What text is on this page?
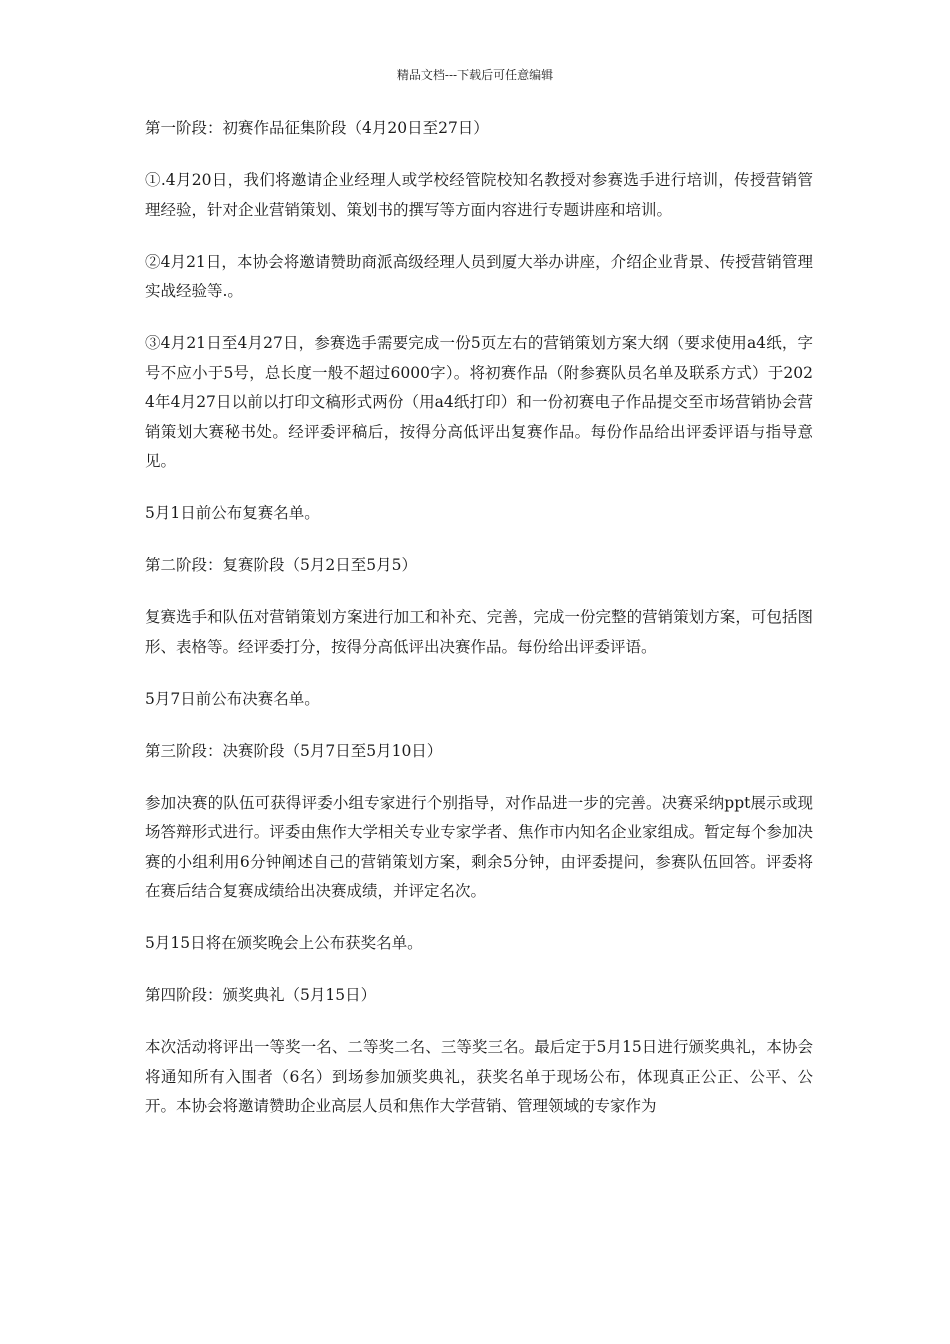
精品文档---下载后可任意编辑

第一阶段：初赛作品征集阶段（4月20日至27日）

①.4月20日，我们将邀请企业经理人或学校经管院校知名教授对参赛选手进行培训，传授营销管理经验，针对企业营销策划、策划书的撰写等方面内容进行专题讲座和培训。

②4月21日，本协会将邀请赞助商派高级经理人员到厦大举办讲座，介绍企业背景、传授营销管理实战经验等.。

③4月21日至4月27日，参赛选手需要完成一份5页左右的营销策划方案大纲（要求使用a4纸，字号不应小于5号，总长度一般不超过6000字）。将初赛作品（附参赛队员名单及联系方式）于2024年4月27日以前以打印文稿形式两份（用a4纸打印）和一份初赛电子作品提交至市场营销协会营销策划大赛秘书处。经评委评稿后，按得分高低评出复赛作品。每份作品给出评委评语与指导意见。

5月1日前公布复赛名单。

第二阶段：复赛阶段（5月2日至5月5）

复赛选手和队伍对营销策划方案进行加工和补充、完善，完成一份完整的营销策划方案，可包括图形、表格等。经评委打分，按得分高低评出决赛作品。每份给出评委评语。

5月7日前公布决赛名单。

第三阶段：决赛阶段（5月7日至5月10日）

参加决赛的队伍可获得评委小组专家进行个别指导，对作品进一步的完善。决赛采纳ppt展示或现场答辩形式进行。评委由焦作大学相关专业专家学者、焦作市内知名企业家组成。暂定每个参加决赛的小组利用6分钟阐述自己的营销策划方案，剩余5分钟，由评委提问，参赛队伍回答。评委将在赛后结合复赛成绩给出决赛成绩，并评定名次。

5月15日将在颁奖晚会上公布获奖名单。

第四阶段：颁奖典礼（5月15日）

本次活动将评出一等奖一名、二等奖二名、三等奖三名。最后定于5月15日进行颁奖典礼，本协会将通知所有入围者（6名）到场参加颁奖典礼，获奖名单于现场公布，体现真正公正、公平、公开。本协会将邀请赞助企业高层人员和焦作大学营销、管理领域的专家作为
